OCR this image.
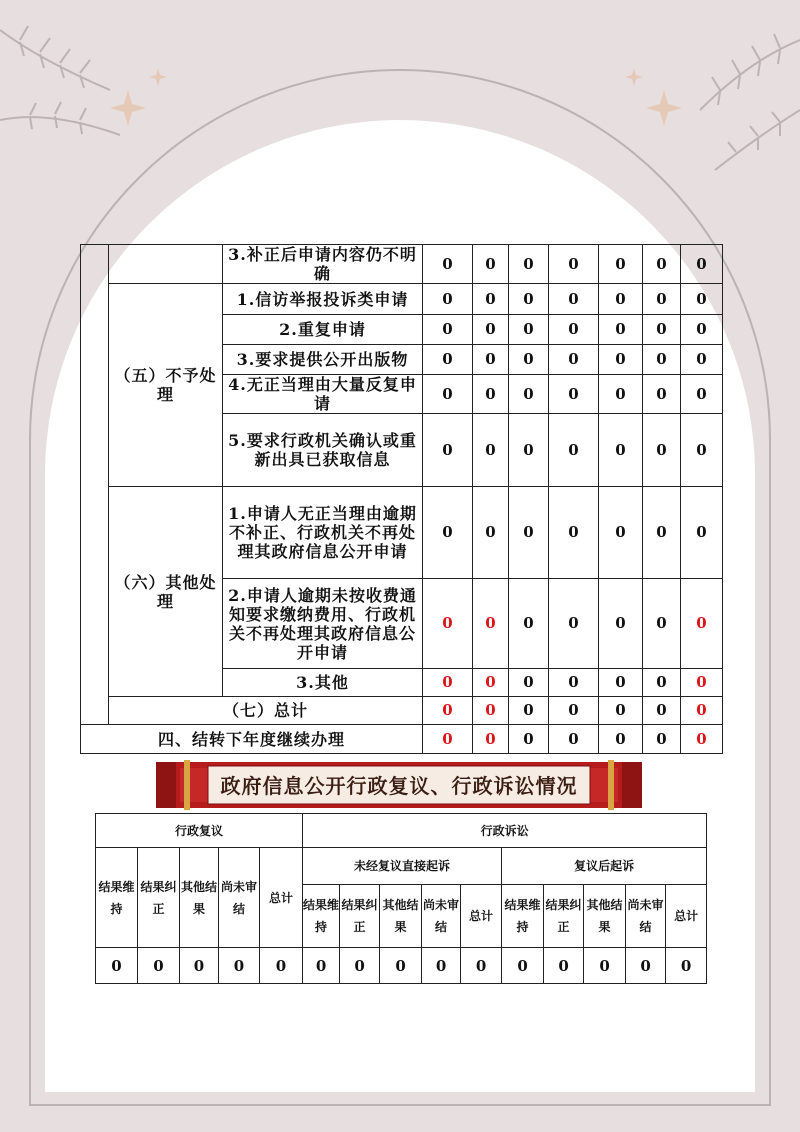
		3.补正后申请内容仍不明确	0	0	0	0	0	0	0
	（五）不予处理	1.信访举报投诉类申请	0	0	0	0	0	0	0
		2.重复申请	0	0	0	0	0	0	0
		3.要求提供公开出版物	0	0	0	0	0	0	0
		4.无正当理由大量反复申请	0	0	0	0	0	0	0
		5.要求行政机关确认或重新出具已获取信息	0	0	0	0	0	0	0
	（六）其他处理	1.申请人无正当理由逾期不补正、行政机关不再处理其政府信息公开申请	0	0	0	0	0	0	0
		2.申请人逾期未按收费通知要求缴纳费用、行政机关不再处理其政府信息公开申请	0	0	0	0	0	0	0
		3.其他	0	0	0	0	0	0	0
	（七）总计		0	0	0	0	0	0	0
四、结转下年度继续办理			0	0	0	0	0	0	0
政府信息公开行政复议、行政诉讼情况
行政复议					行政诉讼									
结果维持	结果纠正	其他结果	尚未审结	总计	未经复议直接起诉					复议后起诉				
					结果维持	结果纠正	其他结果	尚未审结	总计	结果维持	结果纠正	其他结果	尚未审结	总计
0	0	0	0	0	0	0	0	0	0	0	0	0	0	0
